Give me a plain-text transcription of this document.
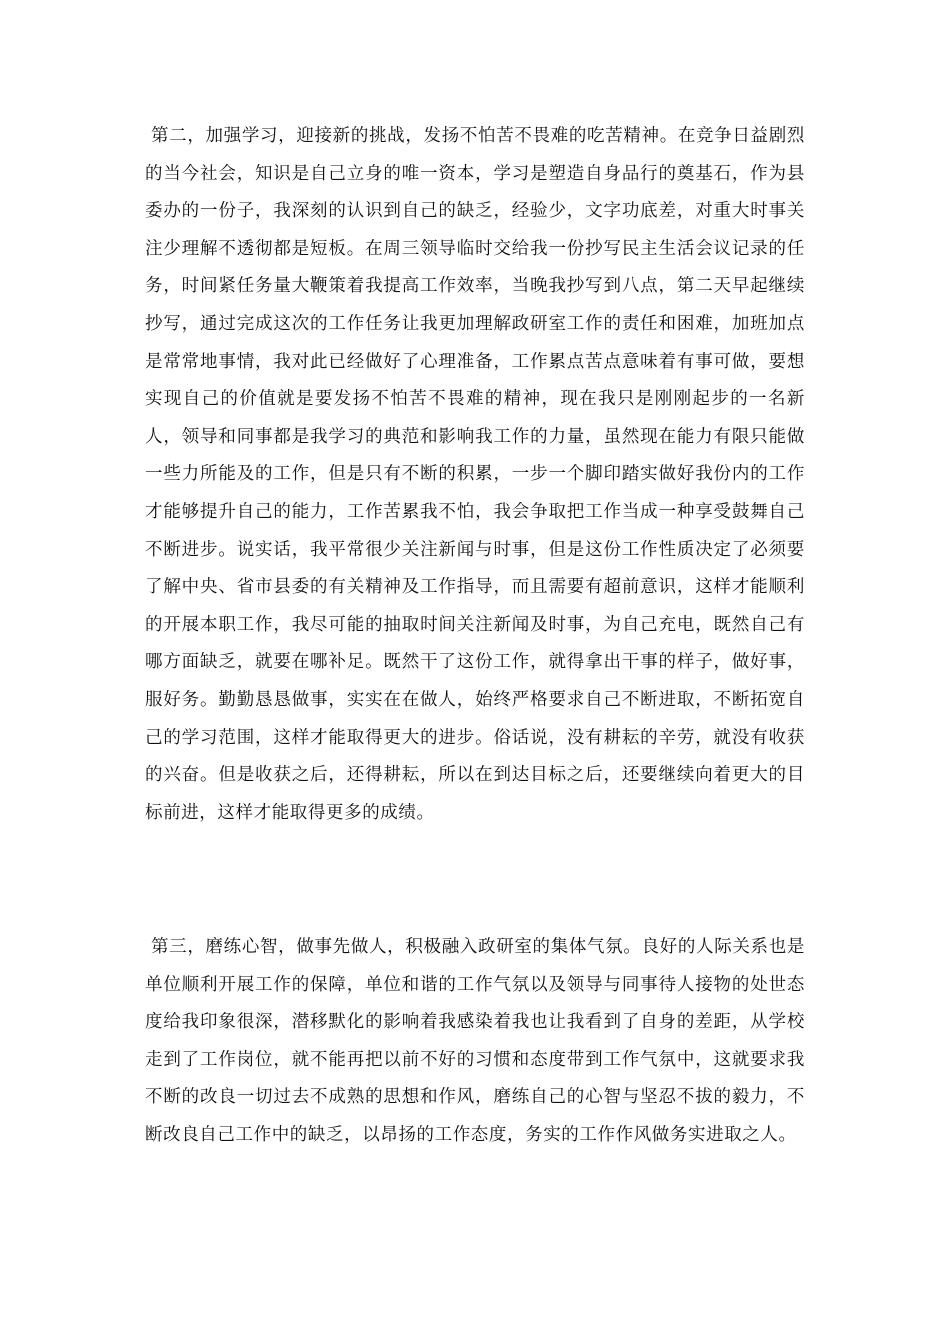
第二，加强学习，迎接新的挑战，发扬不怕苦不畏难的吃苦精神。在竞争日益剧烈的当今社会，知识是自己立身的唯一资本，学习是塑造自身品行的奠基石，作为县委办的一份子，我深刻的认识到自己的缺乏，经验少，文字功底差，对重大时事关注少理解不透彻都是短板。在周三领导临时交给我一份抄写民主生活会议记录的任务，时间紧任务量大鞭策着我提高工作效率，当晚我抄写到八点，第二天早起继续抄写，通过完成这次的工作任务让我更加理解政研室工作的责任和困难，加班加点是常常地事情，我对此已经做好了心理准备，工作累点苦点意味着有事可做，要想实现自己的价值就是要发扬不怕苦不畏难的精神，现在我只是刚刚起步的一名新人，领导和同事都是我学习的典范和影响我工作的力量，虽然现在能力有限只能做一些力所能及的工作，但是只有不断的积累，一步一个脚印踏实做好我份内的工作才能够提升自己的能力，工作苦累我不怕，我会争取把工作当成一种享受鼓舞自己不断进步。说实话，我平常很少关注新闻与时事，但是这份工作性质决定了必须要了解中央、省市县委的有关精神及工作指导，而且需要有超前意识，这样才能顺利的开展本职工作，我尽可能的抽取时间关注新闻及时事，为自己充电，既然自己有哪方面缺乏，就要在哪补足。既然干了这份工作，就得拿出干事的样子，做好事，服好务。勤勤恳恳做事，实实在在做人，始终严格要求自己不断进取，不断拓宽自己的学习范围，这样才能取得更大的进步。俗话说，没有耕耘的辛劳，就没有收获的兴奋。但是收获之后，还得耕耘，所以在到达目标之后，还要继续向着更大的目标前进，这样才能取得更多的成绩。

第三，磨练心智，做事先做人，积极融入政研室的集体气氛。良好的人际关系也是单位顺利开展工作的保障，单位和谐的工作气氛以及领导与同事待人接物的处世态度给我印象很深，潜移默化的影响着我感染着我也让我看到了自身的差距，从学校走到了工作岗位，就不能再把以前不好的习惯和态度带到工作气氛中，这就要求我不断的改良一切过去不成熟的思想和作风，磨练自己的心智与坚忍不拔的毅力，不断改良自己工作中的缺乏，以昂扬的工作态度，务实的工作作风做务实进取之人。
